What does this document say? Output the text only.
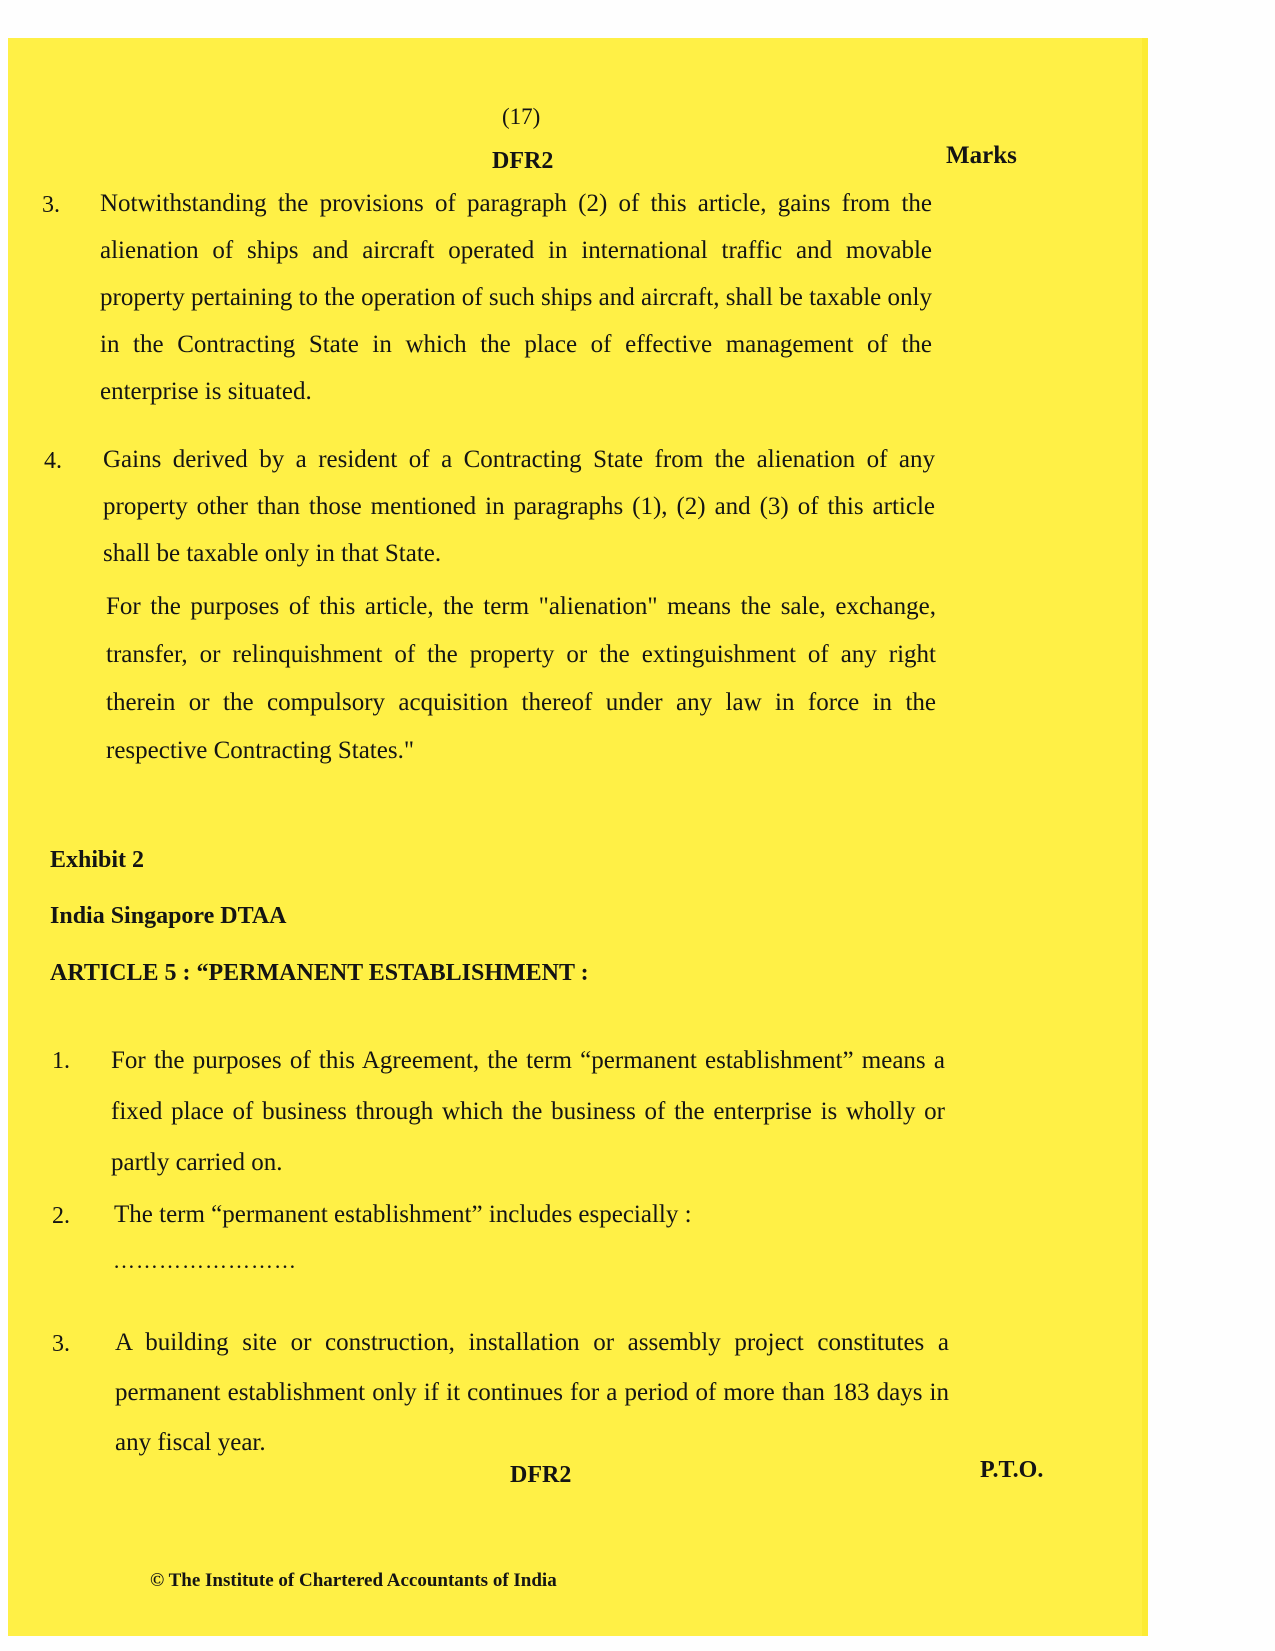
(17)
DFR2	Marks
3. Notwithstanding the provisions of paragraph (2) of this article, gains from the alienation of ships and aircraft operated in international traffic and movable property pertaining to the operation of such ships and aircraft, shall be taxable only in the Contracting State in which the place of effective management of the enterprise is situated.
4. Gains derived by a resident of a Contracting State from the alienation of any property other than those mentioned in paragraphs (1), (2) and (3) of this article shall be taxable only in that State.
For the purposes of this article, the term "alienation" means the sale, exchange, transfer, or relinquishment of the property or the extinguishment of any right therein or the compulsory acquisition thereof under any law in force in the respective Contracting States."
Exhibit 2
India Singapore DTAA
ARTICLE 5 : “PERMANENT ESTABLISHMENT :
1. For the purposes of this Agreement, the term “permanent establishment” means a fixed place of business through which the business of the enterprise is wholly or partly carried on.
2. The term “permanent establishment” includes especially :
……………………
3. A building site or construction, installation or assembly project constitutes a permanent establishment only if it continues for a period of more than 183 days in any fiscal year.
DFR2	P.T.O.
© The Institute of Chartered Accountants of India
